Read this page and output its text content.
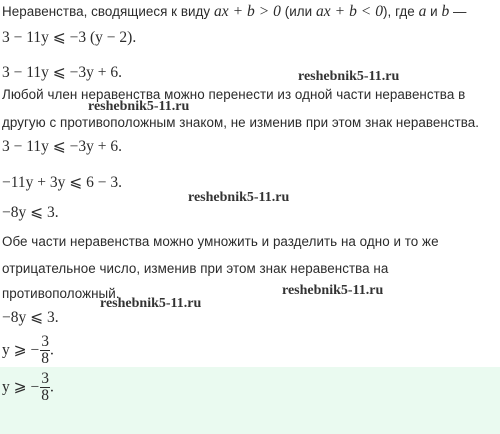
Неравенства, сводящиеся к виду ax + b > 0 (или ax + b < 0), где a и b —
3 − 11y ⩽ −3 (y − 2).
3 − 11y ⩽ −3y + 6.	reshebnik5-11.ru
Любой член неравенства можно перенести из одной части неравенства в
reshebnik5-11.ru
другую с противоположным знаком, не изменив при этом знак неравенства.
3 − 11y ⩽ −3y + 6.
−11y + 3y ⩽ 6 − 3.
reshebnik5-11.ru
−8y ⩽ 3.
Обе части неравенства можно умножить и разделить на одно и то же
отрицательное число, изменив при этом знак неравенства на
противоположный.	reshebnik5-11.ru
reshebnik5-11.ru
−8y ⩽ 3.
y ⩾ − $\frac{3}{8}$ .
y ⩾ − $\frac{3}{8}$ .
